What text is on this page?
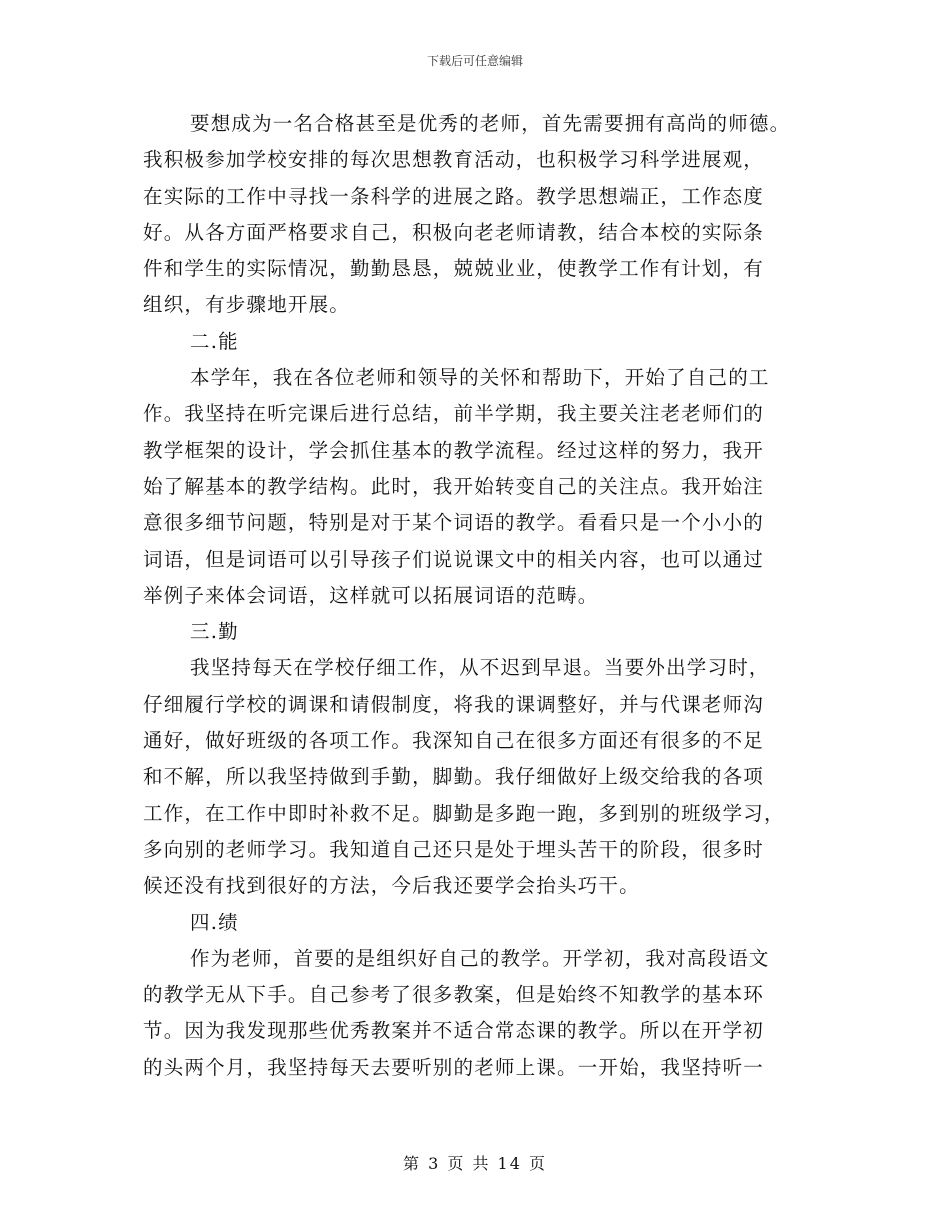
下载后可任意编辑
要想成为一名合格甚至是优秀的老师，首先需要拥有高尚的师德。
我积极参加学校安排的每次思想教育活动，也积极学习科学进展观，
在实际的工作中寻找一条科学的进展之路。教学思想端正，工作态度
好。从各方面严格要求自己，积极向老老师请教，结合本校的实际条
件和学生的实际情况，勤勤恳恳，兢兢业业，使教学工作有计划，有
组织，有步骤地开展。
二.能
本学年，我在各位老师和领导的关怀和帮助下，开始了自己的工
作。我坚持在听完课后进行总结，前半学期，我主要关注老老师们的
教学框架的设计，学会抓住基本的教学流程。经过这样的努力，我开
始了解基本的教学结构。此时，我开始转变自己的关注点。我开始注
意很多细节问题，特别是对于某个词语的教学。看看只是一个小小的
词语，但是词语可以引导孩子们说说课文中的相关内容，也可以通过
举例子来体会词语，这样就可以拓展词语的范畴。
三.勤
我坚持每天在学校仔细工作，从不迟到早退。当要外出学习时，
仔细履行学校的调课和请假制度，将我的课调整好，并与代课老师沟
通好，做好班级的各项工作。我深知自己在很多方面还有很多的不足
和不解，所以我坚持做到手勤，脚勤。我仔细做好上级交给我的各项
工作，在工作中即时补救不足。脚勤是多跑一跑，多到别的班级学习，
多向别的老师学习。我知道自己还只是处于埋头苦干的阶段，很多时
候还没有找到很好的方法，今后我还要学会抬头巧干。
四.绩
作为老师，首要的是组织好自己的教学。开学初，我对高段语文
的教学无从下手。自己参考了很多教案，但是始终不知教学的基本环
节。因为我发现那些优秀教案并不适合常态课的教学。所以在开学初
的头两个月，我坚持每天去要听别的老师上课。一开始，我坚持听一
第 3 页 共 14 页
